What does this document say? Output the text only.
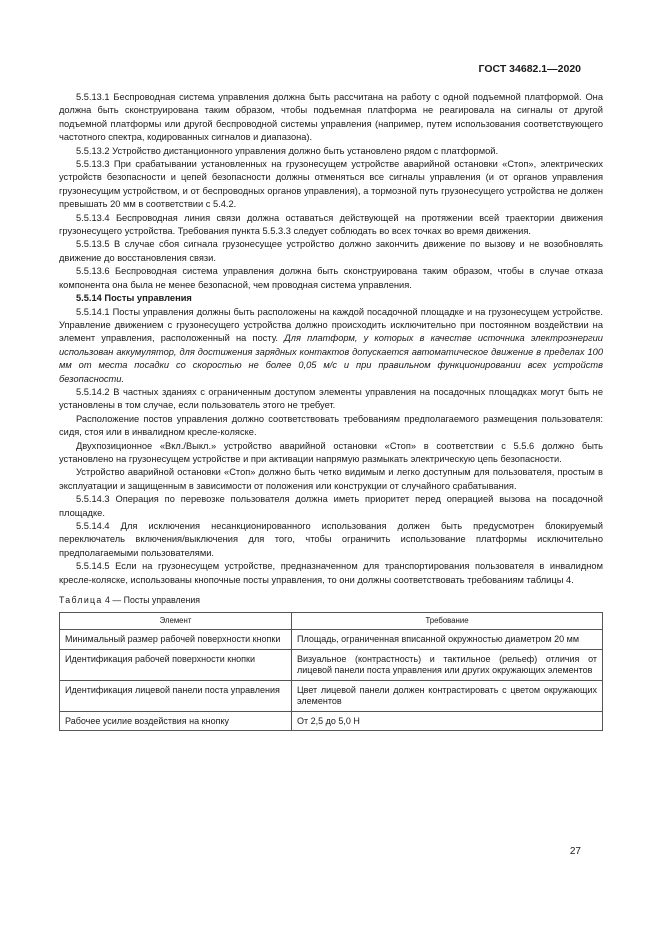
ГОСТ 34682.1—2020

5.5.13.1 Беспроводная система управления должна быть рассчитана на работу с одной подъемной платформой. Она должна быть сконструирована таким образом, чтобы подъемная платформа не реагировала на сигналы от другой подъемной платформы или другой беспроводной системы управления (например, путем использования соответствующего частотного спектра, кодированных сигналов и диапазона).

5.5.13.2 Устройство дистанционного управления должно быть установлено рядом с платформой.

5.5.13.3 При срабатывании установленных на грузонесущем устройстве аварийной остановки «Стоп», электрических устройств безопасности и цепей безопасности должны отменяться все сигналы управления (и от органов управления грузонесущим устройством, и от беспроводных органов управления), а тормозной путь грузонесущего устройства не должен превышать 20 мм в соответствии с 5.4.2.

5.5.13.4 Беспроводная линия связи должна оставаться действующей на протяжении всей траектории движения грузонесущего устройства. Требования пункта 5.5.3.3 следует соблюдать во всех точках во время движения.

5.5.13.5 В случае сбоя сигнала грузонесущее устройство должно закончить движение по вызову и не возобновлять движение до восстановления связи.

5.5.13.6 Беспроводная система управления должна быть сконструирована таким образом, чтобы в случае отказа компонента она была не менее безопасной, чем проводная система управления.

5.5.14 Посты управления

5.5.14.1 Посты управления должны быть расположены на каждой посадочной площадке и на грузонесущем устройстве. Управление движением с грузонесущего устройства должно происходить исключительно при постоянном воздействии на элемент управления, расположенный на посту. Для платформ, у которых в качестве источника электроэнергии использован аккумулятор, для достижения зарядных контактов допускается автоматическое движение в пределах 100 мм от места посадки со скоростью не более 0,05 м/с и при правильном функционировании всех устройств безопасности.

5.5.14.2 В частных зданиях с ограниченным доступом элементы управления на посадочных площадках могут быть не установлены в том случае, если пользователь этого не требует.

Расположение постов управления должно соответствовать требованиям предполагаемого размещения пользователя: сидя, стоя или в инвалидном кресле-коляске.

Двухпозиционное «Вкл./Выкл.» устройство аварийной остановки «Стоп» в соответствии с 5.5.6 должно быть установлено на грузонесущем устройстве и при активации напрямую размыкать электрическую цепь безопасности.

Устройство аварийной остановки «Стоп» должно быть четко видимым и легко доступным для пользователя, простым в эксплуатации и защищенным в зависимости от положения или конструкции от случайного срабатывания.

5.5.14.3 Операция по перевозке пользователя должна иметь приоритет перед операцией вызова на посадочной площадке.

5.5.14.4 Для исключения несанкционированного использования должен быть предусмотрен блокируемый переключатель включения/выключения для того, чтобы ограничить использование платформы исключительно предполагаемыми пользователями.

5.5.14.5 Если на грузонесущем устройстве, предназначенном для транспортирования пользователя в инвалидном кресле-коляске, использованы кнопочные посты управления, то они должны соответствовать требованиям таблицы 4.

Таблица 4 — Посты управления
Элемент	Требование
Минимальный размер рабочей поверхности кнопки	Площадь, ограниченная вписанной окружностью диаметром 20 мм
Идентификация рабочей поверхности кнопки	Визуальное (контрастность) и тактильное (рельеф) отличия от лицевой панели поста управления или других окружающих элементов
Идентификация лицевой панели поста управления	Цвет лицевой панели должен контрастировать с цветом окружающих элементов
Рабочее усилие воздействия на кнопку	От 2,5 до 5,0 Н
27
